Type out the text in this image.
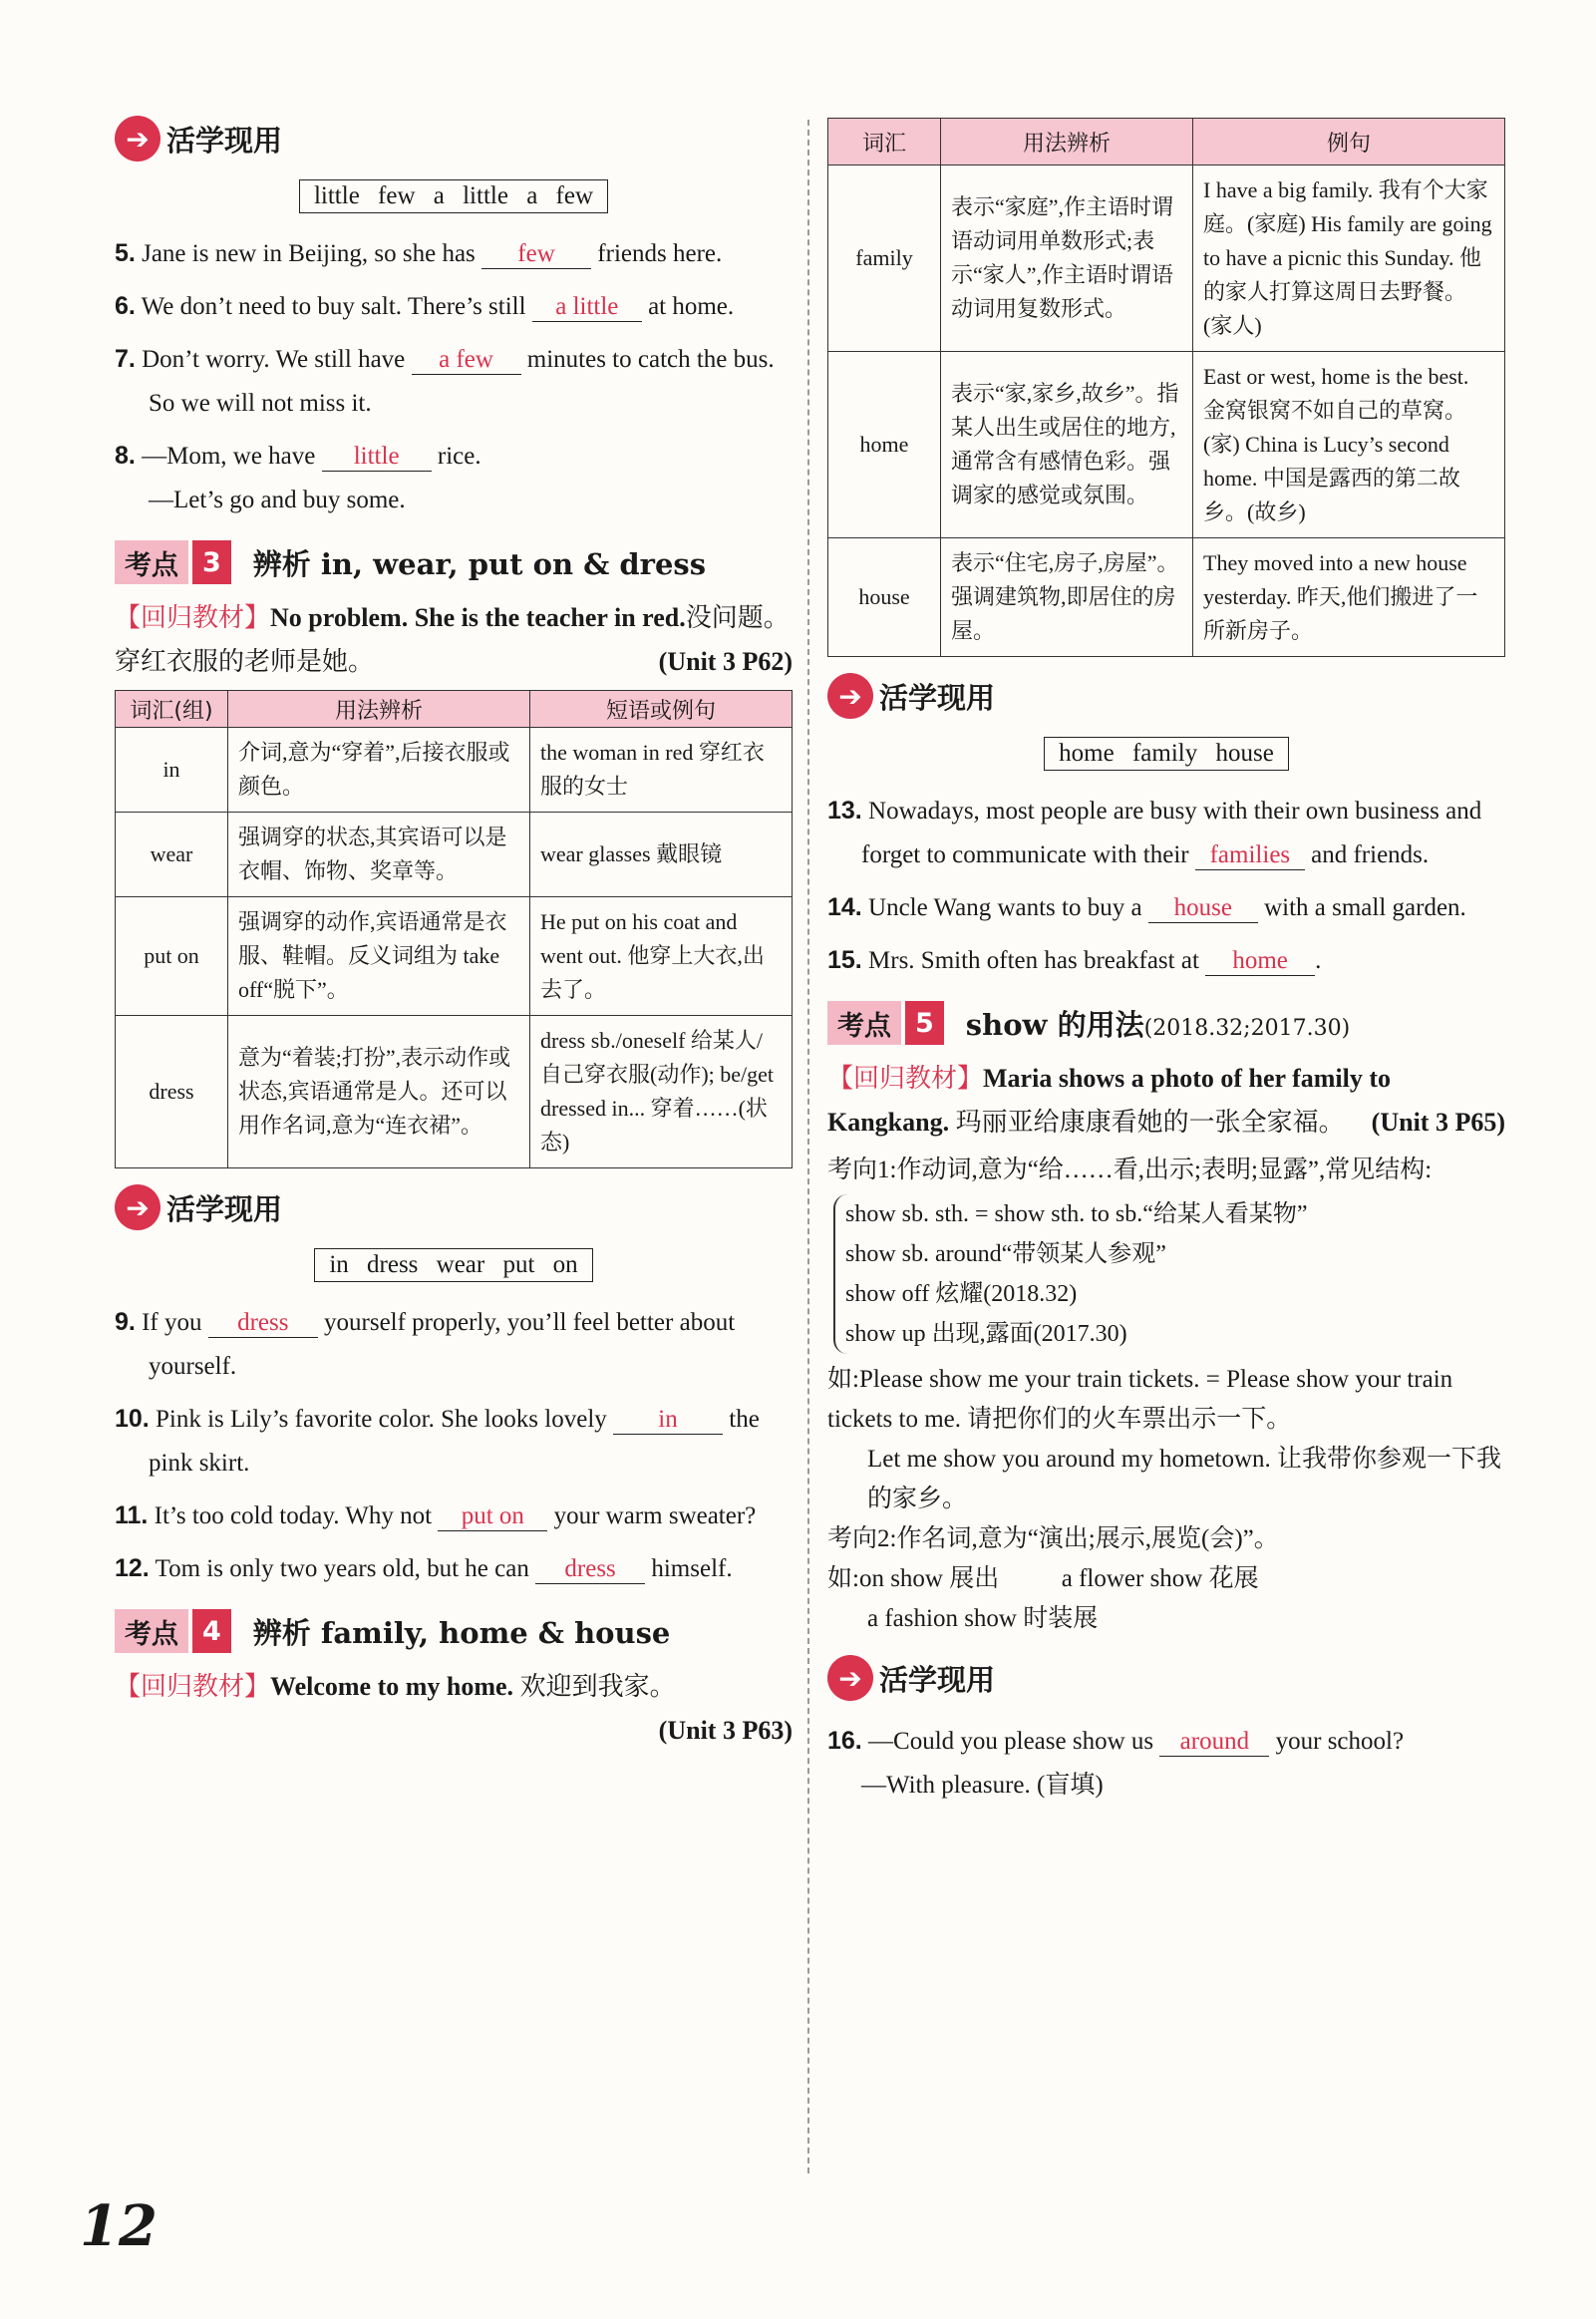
➔ 活学现用
little few a little a few

5. Jane is new in Beijing, so she has few friends here.

6. We don’t need to buy salt. There’s still a little at home.

7. Don’t worry. We still have a few minutes to catch the bus. So we will not miss it.

8. —Mom, we have little rice.
—Let’s go and buy some.

考点 3	辨析 in, wear, put on & dress
【回归教材】No problem. She is the teacher in red.没问题。穿红衣服的老师是她。	(Unit 3 P62)
词汇(组)	用法辨析	短语或例句
in	介词,意为“穿着”,后接衣服或颜色。	the woman in red 穿红衣服的女士
wear	强调穿的状态,其宾语可以是衣帽、饰物、奖章等。	wear glasses 戴眼镜
put on	强调穿的动作,宾语通常是衣服、鞋帽。反义词组为 take off“脱下”。	He put on his coat and went out. 他穿上大衣,出去了。
dress	意为“着装;打扮”,表示动作或状态,宾语通常是人。还可以用作名词,意为“连衣裙”。	dress sb./oneself 给某人/自己穿衣服(动作); be/get dressed in... 穿着……(状态)
➔ 活学现用
in dress wear put on

9. If you dress yourself properly, you’ll feel better about yourself.

10. Pink is Lily’s favorite color. She looks lovely in the pink skirt.

11. It’s too cold today. Why not put on your warm sweater?

12. Tom is only two years old, but he can dress himself.

考点 4	辨析 family, home & house
【回归教材】Welcome to my home. 欢迎到我家。
(Unit 3 P63)
词汇	用法辨析	例句
family	表示“家庭”,作主语时谓语动词用单数形式;表示“家人”,作主语时谓语动词用复数形式。	I have a big family. 我有个大家庭。(家庭) His family are going to have a picnic this Sunday. 他的家人打算这周日去野餐。(家人)
home	表示“家,家乡,故乡”。指某人出生或居住的地方,通常含有感情色彩。强调家的感觉或氛围。	East or west, home is the best. 金窝银窝不如自己的草窝。(家) China is Lucy’s second home. 中国是露西的第二故乡。(故乡)
house	表示“住宅,房子,房屋”。强调建筑物,即居住的房屋。	They moved into a new house yesterday. 昨天,他们搬进了一所新房子。
➔ 活学现用
home family house

13. Nowadays, most people are busy with their own business and forget to communicate with their families and friends.

14. Uncle Wang wants to buy a house with a small garden.

15. Mrs. Smith often has breakfast at home .

考点 5	show 的用法(2018.32;2017.30)
【回归教材】Maria shows a photo of her family to Kangkang. 玛丽亚给康康看她的一张全家福。 (Unit 3 P65)
考向1:作动词,意为“给……看,出示;表明;显露”,常见结构:
show sb. sth. = show sth. to sb.“给某人看某物”
show sb. around“带领某人参观”
show off 炫耀(2018.32)
show up 出现,露面(2017.30)
如:Please show me your train tickets. = Please show your train tickets to me. 请把你们的火车票出示一下。
Let me show you around my hometown. 让我带你参观一下我的家乡。
考向2:作名词,意为“演出;展示,展览(会)”。
如:on show 展出          a flower show 花展
a fashion show 时装展
➔ 活学现用

16. —Could you please show us around your school?
—With pleasure. (盲填)

12
